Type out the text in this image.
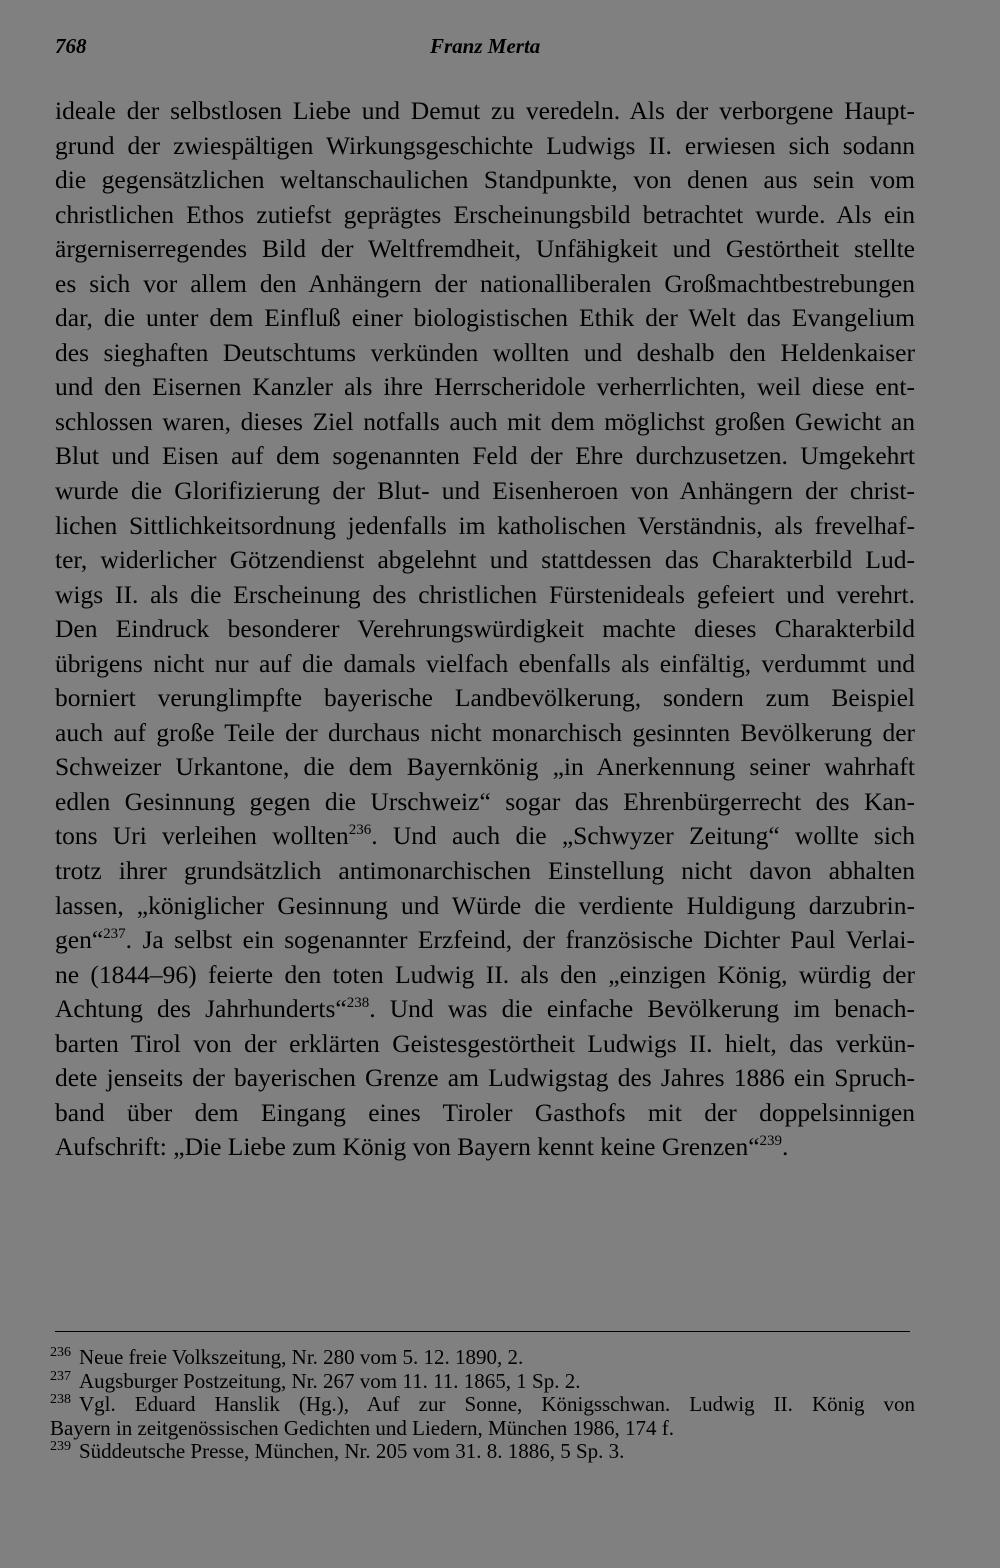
768	Franz Merta
ideale der selbstlosen Liebe und Demut zu veredeln. Als der verborgene Haupt-
grund der zwiespältigen Wirkungsgeschichte Ludwigs II. erwiesen sich sodann
die gegensätzlichen weltanschaulichen Standpunkte, von denen aus sein vom
christlichen Ethos zutiefst geprägtes Erscheinungsbild betrachtet wurde. Als ein
ärgerniserregendes Bild der Weltfremdheit, Unfähigkeit und Gestörtheit stellte
es sich vor allem den Anhängern der nationalliberalen Großmachtbestrebungen
dar, die unter dem Einfluß einer biologistischen Ethik der Welt das Evangelium
des sieghaften Deutschtums verkünden wollten und deshalb den Heldenkaiser
und den Eisernen Kanzler als ihre Herrscheridole verherrlichten, weil diese ent-
schlossen waren, dieses Ziel notfalls auch mit dem möglichst großen Gewicht an
Blut und Eisen auf dem sogenannten Feld der Ehre durchzusetzen. Umgekehrt
wurde die Glorifizierung der Blut- und Eisenheroen von Anhängern der christ-
lichen Sittlichkeitsordnung jedenfalls im katholischen Verständnis, als frevelhaf-
ter, widerlicher Götzendienst abgelehnt und stattdessen das Charakterbild Lud-
wigs II. als die Erscheinung des christlichen Fürstenideals gefeiert und verehrt.
Den Eindruck besonderer Verehrungswürdigkeit machte dieses Charakterbild
übrigens nicht nur auf die damals vielfach ebenfalls als einfältig, verdummt und
borniert verunglimpfte bayerische Landbevölkerung, sondern zum Beispiel
auch auf große Teile der durchaus nicht monarchisch gesinnten Bevölkerung der
Schweizer Urkantone, die dem Bayernkönig „in Anerkennung seiner wahrhaft
edlen Gesinnung gegen die Urschweiz“ sogar das Ehrenbürgerrecht des Kan-
tons Uri verleihen wollten$^{236}$. Und auch die „Schwyzer Zeitung“ wollte sich
trotz ihrer grundsätzlich antimonarchischen Einstellung nicht davon abhalten
lassen, „königlicher Gesinnung und Würde die verdiente Huldigung darzubrin-
gen“$^{237}$. Ja selbst ein sogenannter Erzfeind, der französische Dichter Paul Verlai-
ne (1844–96) feierte den toten Ludwig II. als den „einzigen König, würdig der
Achtung des Jahrhunderts“$^{238}$. Und was die einfache Bevölkerung im benach-
barten Tirol von der erklärten Geistesgestörtheit Ludwigs II. hielt, das verkün-
dete jenseits der bayerischen Grenze am Ludwigstag des Jahres 1886 ein Spruch-
band über dem Eingang eines Tiroler Gasthofs mit der doppelsinnigen
Aufschrift: „Die Liebe zum König von Bayern kennt keine Grenzen“$^{239}$.
$^{236}$ Neue freie Volkszeitung, Nr. 280 vom 5. 12. 1890, 2.
$^{237}$ Augsburger Postzeitung, Nr. 267 vom 11. 11. 1865, 1 Sp. 2.
$^{238}$ Vgl. Eduard Hanslik (Hg.), Auf zur Sonne, Königsschwan. Ludwig II. König von
Bayern in zeitgenössischen Gedichten und Liedern, München 1986, 174 f.
$^{239}$ Süddeutsche Presse, München, Nr. 205 vom 31. 8. 1886, 5 Sp. 3.
